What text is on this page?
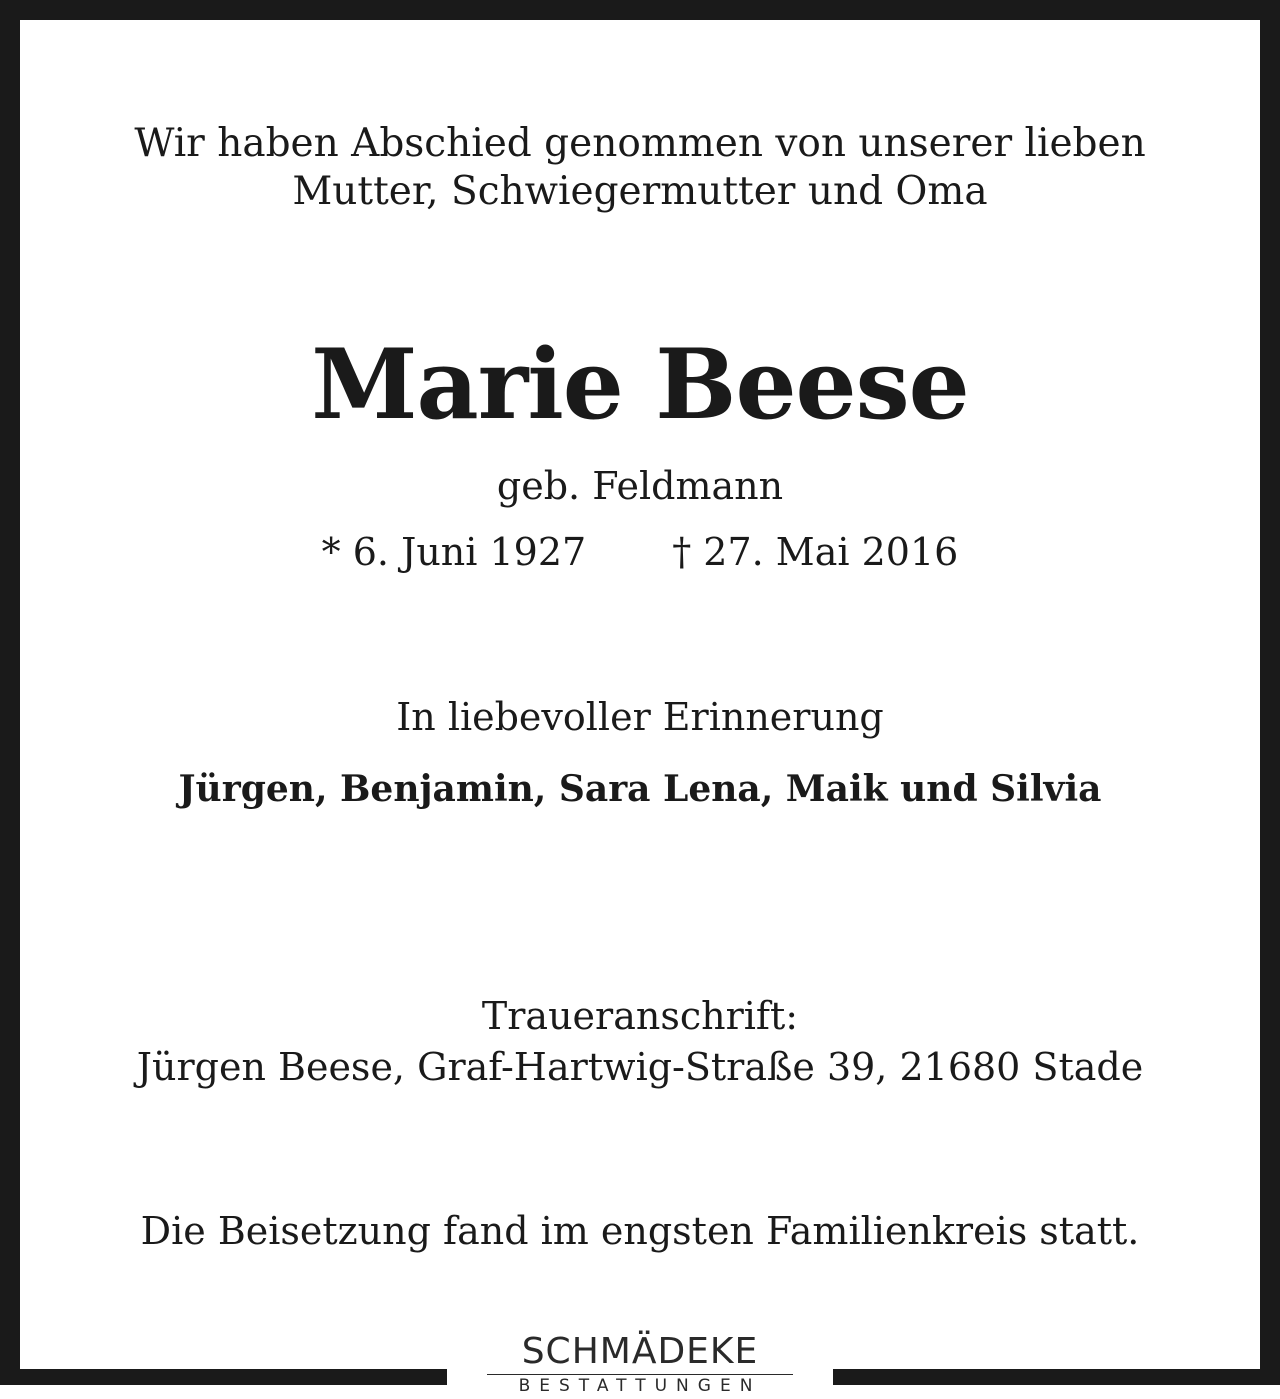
Wir haben Abschied genommen von unserer lieben
Mutter, Schwiegermutter und Oma
Marie Beese
geb. Feldmann
* 6. Juni 1927 † 27. Mai 2016
In liebevoller Erinnerung
Jürgen, Benjamin, Sara Lena, Maik und Silvia
Traueranschrift:
Jürgen Beese, Graf-Hartwig-Straße 39, 21680 Stade
Die Beisetzung fand im engsten Familienkreis statt.
SCHMÄDEKE
BESTATTUNGEN
